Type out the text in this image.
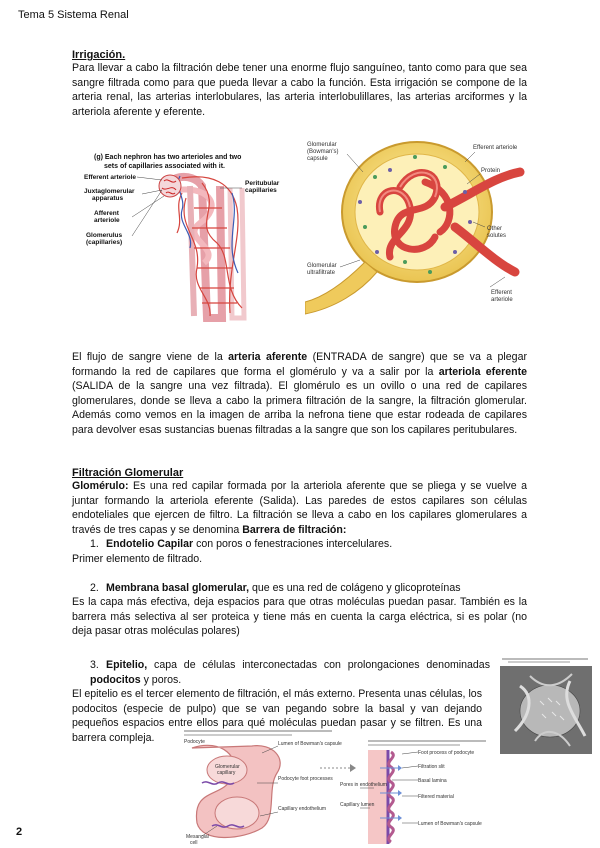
Tema 5 Sistema Renal
Irrigación.

Para llevar a cabo la filtración debe tener una enorme flujo sanguíneo, tanto como para que sea sangre filtrada como para que pueda llevar a cabo la función. Esta irrigación se compone de la arteria renal, las arterias interlobulares, las arteria interlobulillares, las arterias arciformes y la arteriola aferente y eferente.

(g) Each nephron has two arterioles and two
sets of capillaries associated with it.
Efferent arteriole
Juxtaglomerular
apparatus
Afferent
arteriole
Glomerulus
(capillaries)
Peritubular
capillaries
Glomerular
(Bowman's)
capsule
Efferent arteriole
Protein
Other
solutes
Glomerular
ultrafiltrate
Efferent
arteriole

El flujo de sangre viene de la arteria aferente (ENTRADA de sangre) que se va a plegar formando la red de capilares que forma el glomérulo y va a salir por la arteriola eferente (SALIDA de la sangre una vez filtrada). El glomérulo es un ovillo o una red de capilares glomerulares, donde se lleva a cabo la primera filtración de la sangre, la filtración glomerular. Además como vemos en la imagen de arriba la nefrona tiene que estar rodeada de capilares para devolver esas sustancias buenas filtradas a la sangre que son los capilares peritubulares.

Filtración Glomerular

Glomérulo: Es una red capilar formada por la arteriola aferente que se pliega y se vuelve a juntar formando la arteriola eferente (Salida). Las paredes de estos capilares son células endoteliales que ejercen de filtro. La filtración se lleva a cabo en los capilares glomerulares a través de tres capas y se denomina Barrera de filtración:

1. Endotelio Capilar con poros o fenestraciones intercelulares.

Primer elemento de filtrado.

2. Membrana basal glomerular, que es una red de colágeno y glicoproteínas

Es la capa más efectiva, deja espacios para que otras moléculas puedan pasar. También es la barrera más selectiva al ser proteica y tiene más en cuenta la carga eléctrica, si es polar (no deja pasar otras moléculas polares)

3. Epitelio, capa de células interconectadas con prolongaciones denominadas podocitos y poros.

El epitelio es el tercer elemento de filtración, el más externo. Presenta unas células, los podocitos (especie de pulpo) que se van pegando sobre la basal y van dejando pequeños espacios entre ellos para qué moléculas puedan pasar y se filtren. Es una barrera compleja.	Podocyte	Lumen of Bowman's capsule
Glomerular
capillary
Podocyte foot processes
Capillary endothelium
Mesangial
cell
Foot process of podocyte
Filtration slit
Basal lamina
Pores in endothelium
Capillary lumen
Filtered material
Lumen of Bowman's capsule
2
